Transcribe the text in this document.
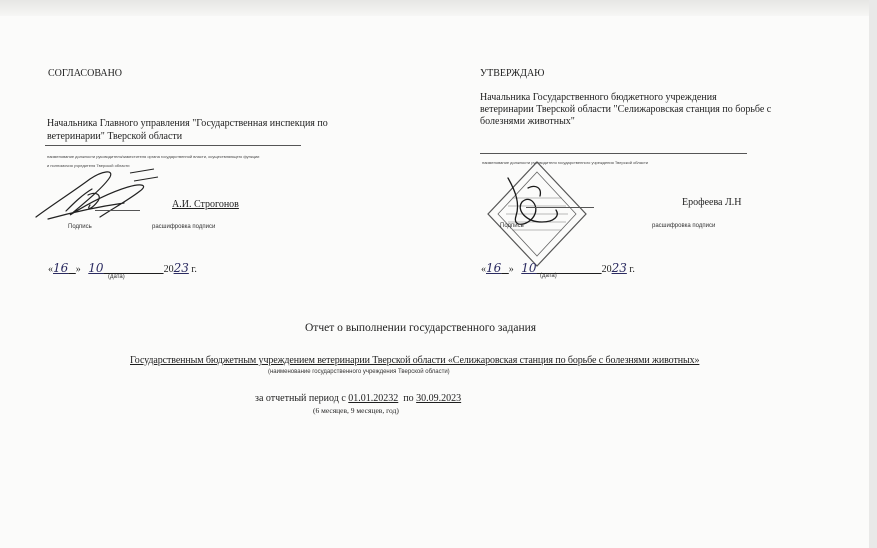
СОГЛАСОВАНО
Начальника Главного управления "Государственная инспекция по
ветеринарии" Тверской области
наименование должности руководителя/заместителя органа государственной власти, осуществляющего функции
и полномочия учредителя Тверской области
А.И. Строгонов
Подпись	расшифровка подписи
«16 » 10	2023 г.
(дата)
УТВЕРЖДАЮ
Начальника Государственного бюджетного учреждения
ветеринарии Тверской области "Селижаровская станция по борьбе с
болезнями животных"
наименование должности руководителя государственного учреждения Тверской области
Ерофеева Л.Н
Подпись	расшифровка подписи
«16 » 10	2023 г.
(дата)
Отчет о выполнении государственного задания
Государственным бюджетным учреждением ветеринарии Тверской области «Селижаровская станция по борьбе с болезнями животных»
(наименование государственного учреждения Тверской области)
за отчетный период с 01.01.20232 по 30.09.2023
(6 месяцев, 9 месяцев, год)
